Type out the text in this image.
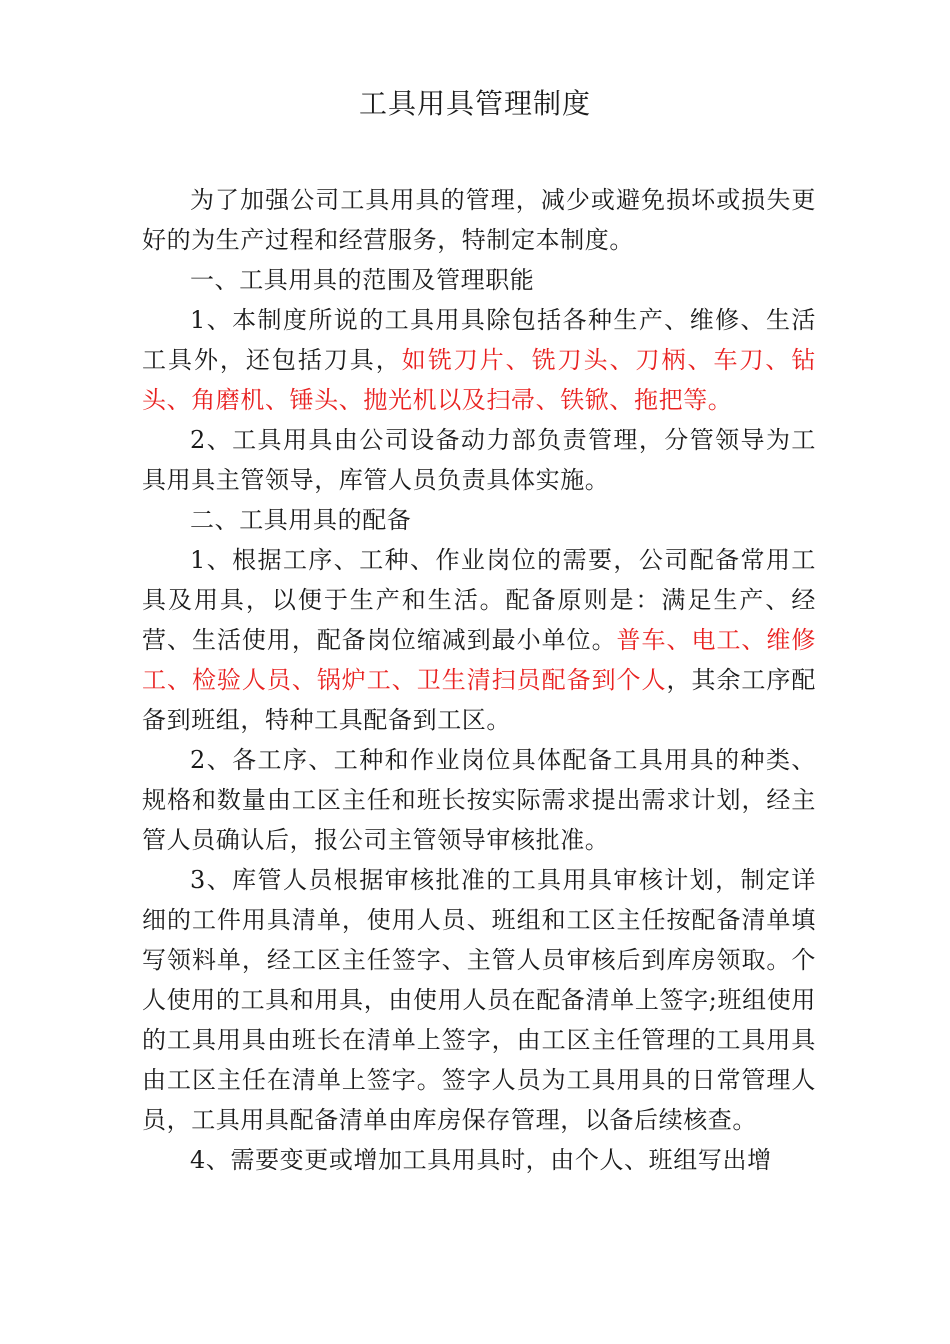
工具用具管理制度

为了加强公司工具用具的管理，减少或避免损坏或损失更好的为生产过程和经营服务，特制定本制度。

一、工具用具的范围及管理职能

1、本制度所说的工具用具除包括各种生产、维修、生活工具外，还包括刀具，如铣刀片、铣刀头、刀柄、车刀、钻头、角磨机、锤头、抛光机以及扫帚、铁锨、拖把等。

2、工具用具由公司设备动力部负责管理，分管领导为工具用具主管领导，库管人员负责具体实施。

二、工具用具的配备

1、根据工序、工种、作业岗位的需要，公司配备常用工具及用具，以便于生产和生活。配备原则是：满足生产、经营、生活使用，配备岗位缩减到最小单位。普车、电工、维修工、检验人员、锅炉工、卫生清扫员配备到个人，其余工序配备到班组，特种工具配备到工区。

2、各工序、工种和作业岗位具体配备工具用具的种类、规格和数量由工区主任和班长按实际需求提出需求计划，经主管人员确认后，报公司主管领导审核批准。

3、库管人员根据审核批准的工具用具审核计划，制定详细的工件用具清单，使用人员、班组和工区主任按配备清单填写领料单，经工区主任签字、主管人员审核后到库房领取。个人使用的工具和用具，由使用人员在配备清单上签字;班组使用的工具用具由班长在清单上签字，由工区主任管理的工具用具由工区主任在清单上签字。签字人员为工具用具的日常管理人员，工具用具配备清单由库房保存管理，以备后续核查。

4、需要变更或增加工具用具时，由个人、班组写出增
